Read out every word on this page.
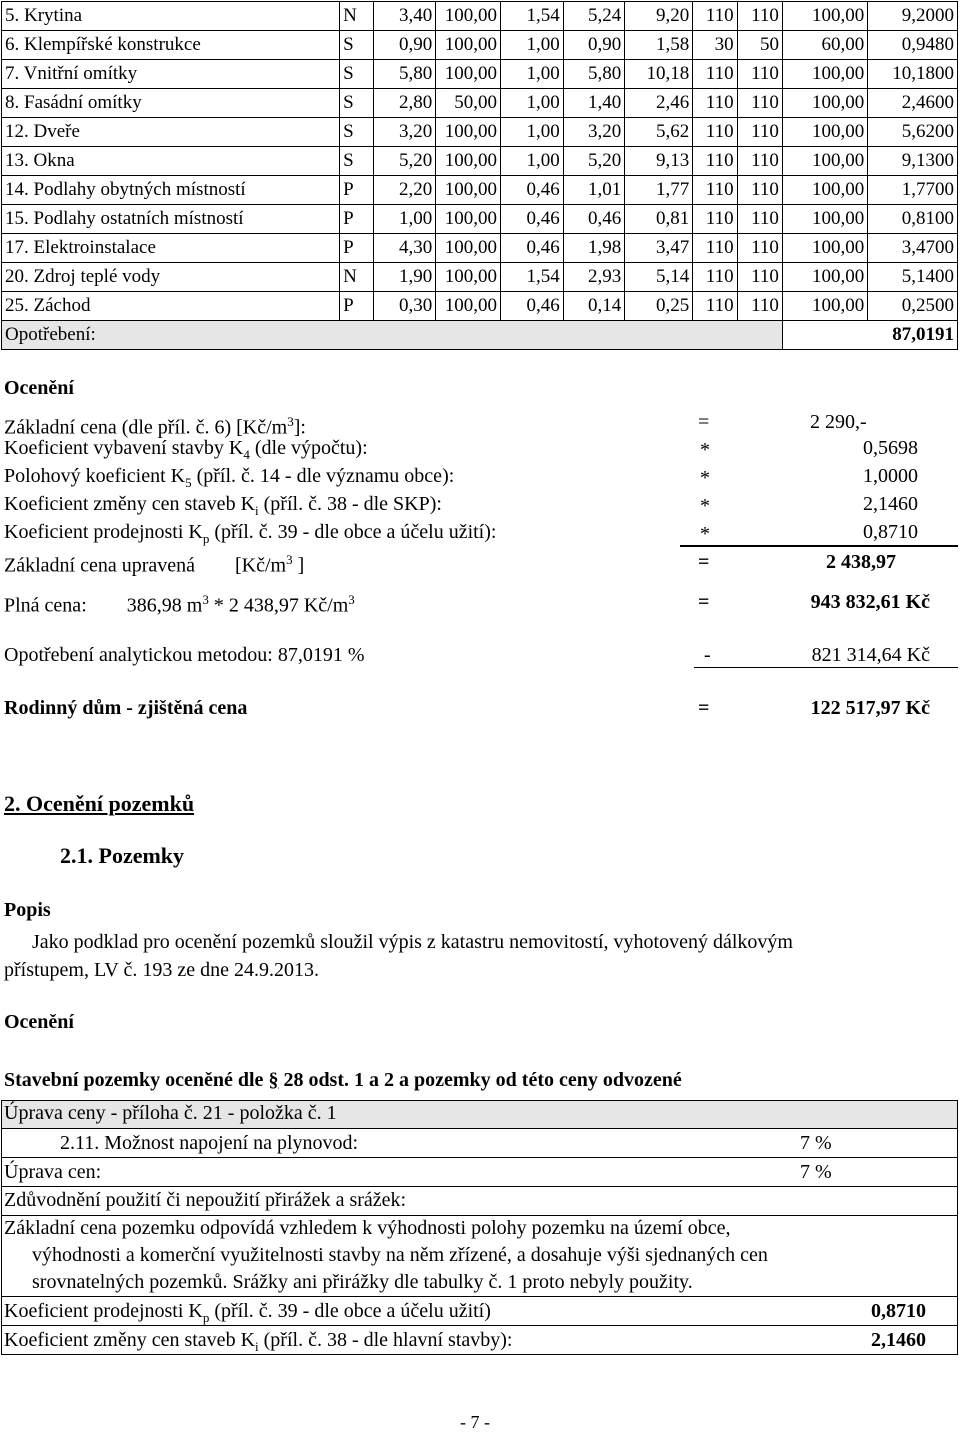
5. Krytina	N	3,40	100,00	1,54	5,24	9,20	110	110	100,00	9,2000
6. Klempířské konstrukce	S	0,90	100,00	1,00	0,90	1,58	30	50	60,00	0,9480
7. Vnitřní omítky	S	5,80	100,00	1,00	5,80	10,18	110	110	100,00	10,1800
8. Fasádní omítky	S	2,80	50,00	1,00	1,40	2,46	110	110	100,00	2,4600
12. Dveře	S	3,20	100,00	1,00	3,20	5,62	110	110	100,00	5,6200
13. Okna	S	5,20	100,00	1,00	5,20	9,13	110	110	100,00	9,1300
14. Podlahy obytných místností	P	2,20	100,00	0,46	1,01	1,77	110	110	100,00	1,7700
15. Podlahy ostatních místností	P	1,00	100,00	0,46	0,46	0,81	110	110	100,00	0,8100
17. Elektroinstalace	P	4,30	100,00	0,46	1,98	3,47	110	110	100,00	3,4700
20. Zdroj teplé vody	N	1,90	100,00	1,54	2,93	5,14	110	110	100,00	5,1400
25. Záchod	P	0,30	100,00	0,46	0,14	0,25	110	110	100,00	0,2500
Opotřebení:									87,0191	
Ocenění
Základní cena (dle příl. č. 6) $[Kč/m^3]$:	=	2 290,-
Koeficient vybavení stavby $K_4$ (dle výpočtu):	*	0,5698
Polohový koeficient $K_5$ (příl. č. 14 - dle významu obce):	*	1,0000
Koeficient změny cen staveb $K_i$ (příl. č. 38 - dle SKP):	*	2,1460
Koeficient prodejnosti $K_p$ (příl. č. 39 - dle obce a účelu užití):	*	0,8710
Základní cena upravená [$Kč/m^3$ ]	=	2 438,97
Plná cena: 386,98 $m^3 * 2$ 438,97 $Kč/m^3$	=	943 832,61 Kč
Opotřebení analytickou metodou: 87,0191 %	-	821 314,64 Kč
Rodinný dům - zjištěná cena	=	122 517,97 Kč
2. Ocenění pozemků
2.1. Pozemky
Popis
Jako podklad pro ocenění pozemků sloužil výpis z katastru nemovitostí, vyhotovený dálkovým
přístupem, LV č. 193 ze dne 24.9.2013.
Ocenění
Stavební pozemky oceněné dle § 28 odst. 1 a 2 a pozemky od této ceny odvozené
Úprava ceny - příloha č. 21 - položka č. 1
2.11. Možnost napojení na plynovod:	7 %
Úprava cen:	7 %
Zdůvodnění použití či nepoužití přirážek a srážek:
Základní cena pozemku odpovídá vzhledem k výhodnosti polohy pozemku na území obce,
výhodnosti a komerční využitelnosti stavby na něm zřízené, a dosahuje výši sjednaných cen
srovnatelných pozemků. Srážky ani přirážky dle tabulky č. 1 proto nebyly použity.
Koeficient prodejnosti $K_p$ (příl. č. 39 - dle obce a účelu užití)	0,8710
Koeficient změny cen staveb $K_i$ (příl. č. 38 - dle hlavní stavby):	2,1460
- 7 -
